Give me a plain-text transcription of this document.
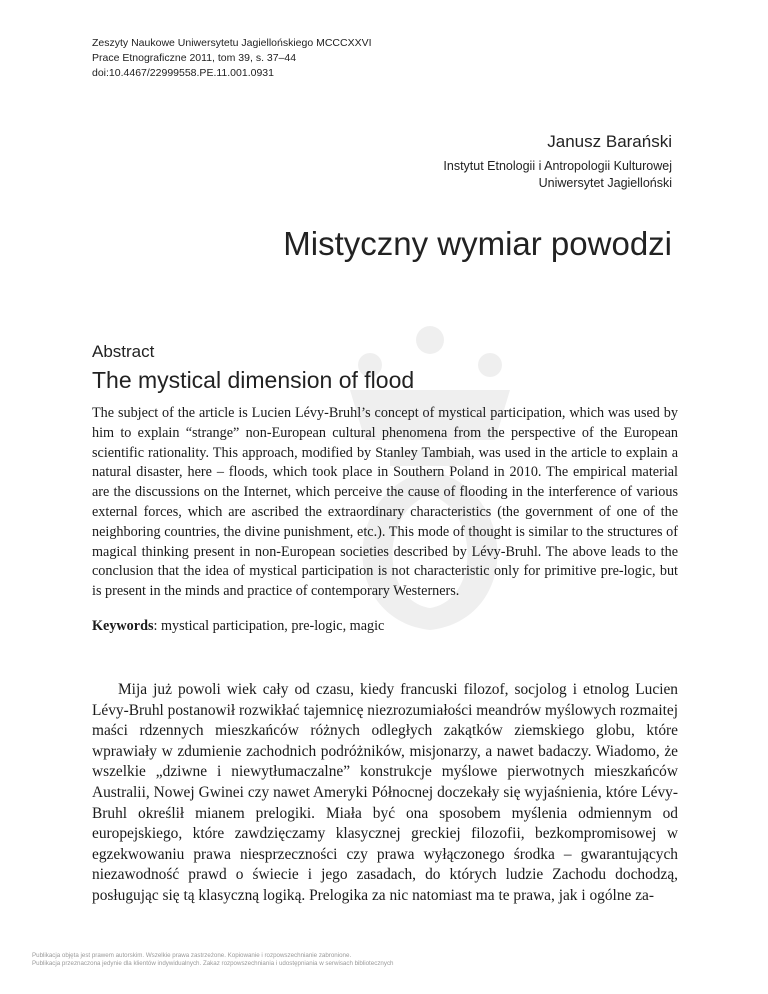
Zeszyty Naukowe Uniwersytetu Jagiellońskiego MCCCXXVI
Prace Etnograficzne 2011, tom 39, s. 37–44
doi:10.4467/22999558.PE.11.001.0931
Janusz Barański
Instytut Etnologii i Antropologii Kulturowej
Uniwersytet Jagielloński
Mistyczny wymiar powodzi
Abstract
The mystical dimension of flood
The subject of the article is Lucien Lévy-Bruhl’s concept of mystical participation, which was used by him to explain “strange” non-European cultural phenomena from the perspective of the European scientific rationality. This approach, modified by Stanley Tambiah, was used in the article to explain a natural disaster, here – floods, which took place in Southern Poland in 2010. The empirical material are the discussions on the Internet, which perceive the cause of flooding in the interference of various external forces, which are ascribed the extraordinary characteristics (the government of one of the neighboring countries, the divine punishment, etc.). This mode of thought is similar to the structures of magical thinking present in non-European societies described by Lévy-Bruhl. The above leads to the conclusion that the idea of mystical participation is not characteristic only for primitive pre-logic, but is present in the minds and practice of contemporary Westerners.
Keywords: mystical participation, pre-logic, magic
Mija już powoli wiek cały od czasu, kiedy francuski filozof, socjolog i etnolog Lucien Lévy-Bruhl postanowił rozwikłać tajemnicę niezrozumiałości meandrów myślowych rozmaitej maści rdzennych mieszkańców różnych odległych zakątków ziemskiego globu, które wprawiały w zdumienie zachodnich podróżników, misjonarzy, a nawet badaczy. Wiadomo, że wszelkie „dziwne i niewytłumaczalne” konstrukcje myślowe pierwotnych mieszkańców Australii, Nowej Gwinei czy nawet Ameryki Północnej doczekały się wyjaśnienia, które Lévy-Bruhl określił mianem prelogiki. Miała być ona sposobem myślenia odmiennym od europejskiego, które zawdzięczamy klasycznej greckiej filozofii, bezkompromisowej w egzekwowaniu prawa niesprzeczności czy prawa wyłączonego środka – gwarantujących niezawodność prawd o świecie i jego zasadach, do których ludzie Zachodu dochodzą, posługując się tą klasyczną logiką. Prelogika za nic natomiast ma te prawa, jak i ogólne za-
Publikacja objęta jest prawem autorskim. Wszelkie prawa zastrzeżone. Kopiowanie i rozpowszechnianie zabronione.
Publikacja przeznaczona jedynie dla klientów indywidualnych. Zakaz rozpowszechniania i udostępniania w serwisach bibliotecznych
